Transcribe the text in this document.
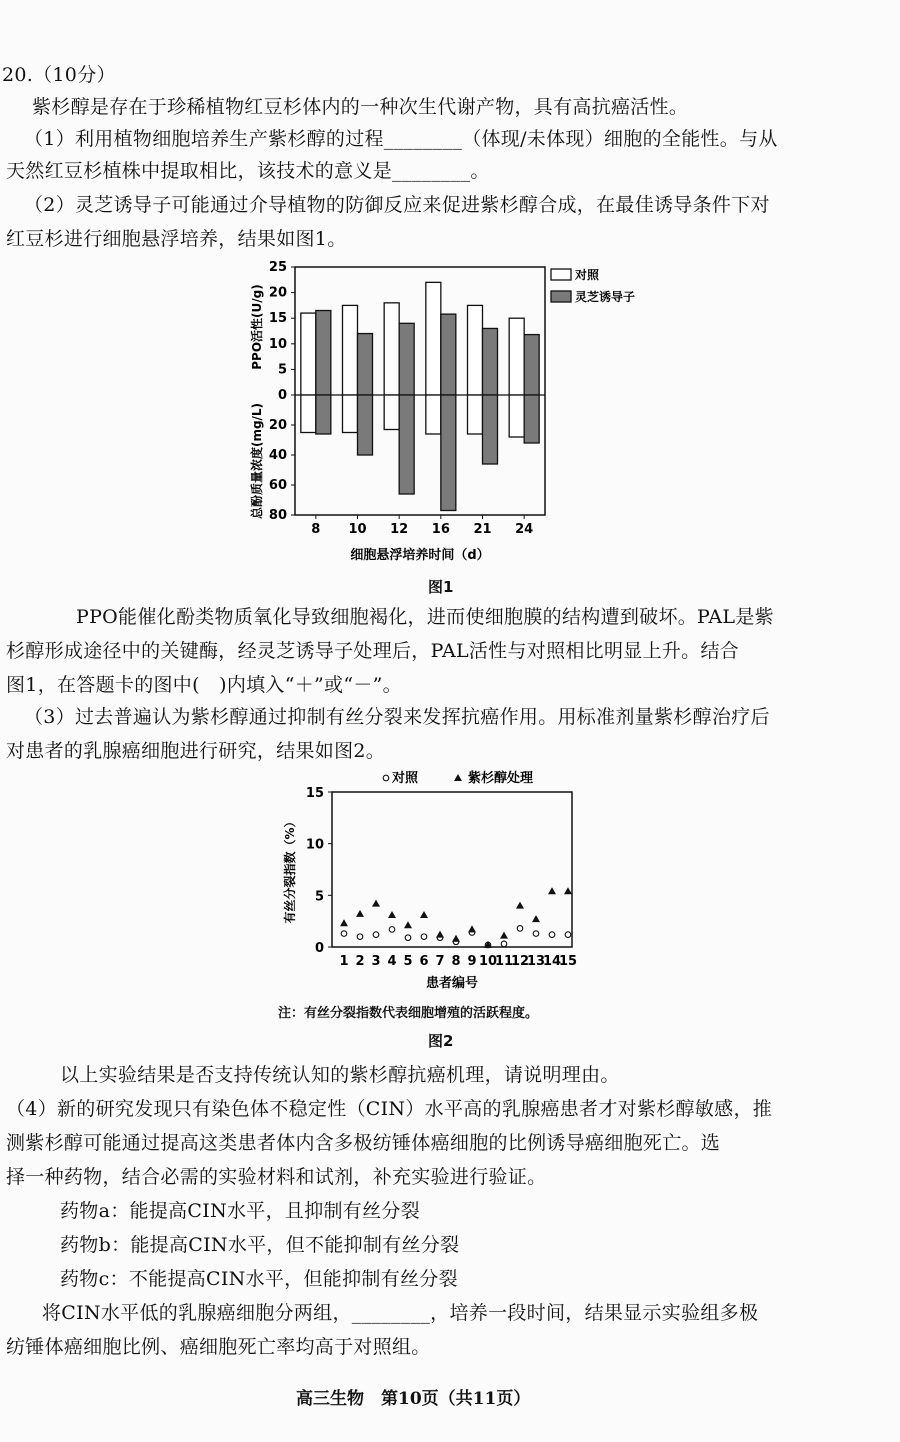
20.（10分）
紫杉醇是存在于珍稀植物红豆杉体内的一种次生代谢产物，具有高抗癌活性。
（1）利用植物细胞培养生产紫杉醇的过程________（体现/未体现）细胞的全能性。与从
天然红豆杉植株中提取相比，该技术的意义是________。
（2）灵芝诱导子可能通过介导植物的防御反应来促进紫杉醇合成，在最佳诱导条件下对
红豆杉进行细胞悬浮培养，结果如图1。
0
5
10
15
20
25
20
40
60
80
PPO活性(U/g)
总酚质量浓度(mg/L)
8 10 12 16 21 24
细胞悬浮培养时间（d）
对照
灵芝诱导子
图1
PPO能催化酚类物质氧化导致细胞褐化，进而使细胞膜的结构遭到破坏。PAL是紫
杉醇形成途径中的关键酶，经灵芝诱导子处理后，PAL活性与对照相比明显上升。结合
图1，在答题卡的图中(　)内填入“＋”或“－”。
（3）过去普遍认为紫杉醇通过抑制有丝分裂来发挥抗癌作用。用标准剂量紫杉醇治疗后
对患者的乳腺癌细胞进行研究，结果如图2。
0
5
10
15
有丝分裂指数（%）
1 2 3 4 5 6 7 8 9 10
11
12
13
14
15
患者编号
对照	紫杉醇处理
注：有丝分裂指数代表细胞增殖的活跃程度。
图2
以上实验结果是否支持传统认知的紫杉醇抗癌机理，请说明理由。
（4）新的研究发现只有染色体不稳定性（CIN）水平高的乳腺癌患者才对紫杉醇敏感，推
测紫杉醇可能通过提高这类患者体内含多极纺锤体癌细胞的比例诱导癌细胞死亡。选
择一种药物，结合必需的实验材料和试剂，补充实验进行验证。
药物a：能提高CIN水平，且抑制有丝分裂
药物b：能提高CIN水平，但不能抑制有丝分裂
药物c：不能提高CIN水平，但能抑制有丝分裂
将CIN水平低的乳腺癌细胞分两组，________，培养一段时间，结果显示实验组多极
纺锤体癌细胞比例、癌细胞死亡率均高于对照组。
高三生物　第10页（共11页）
